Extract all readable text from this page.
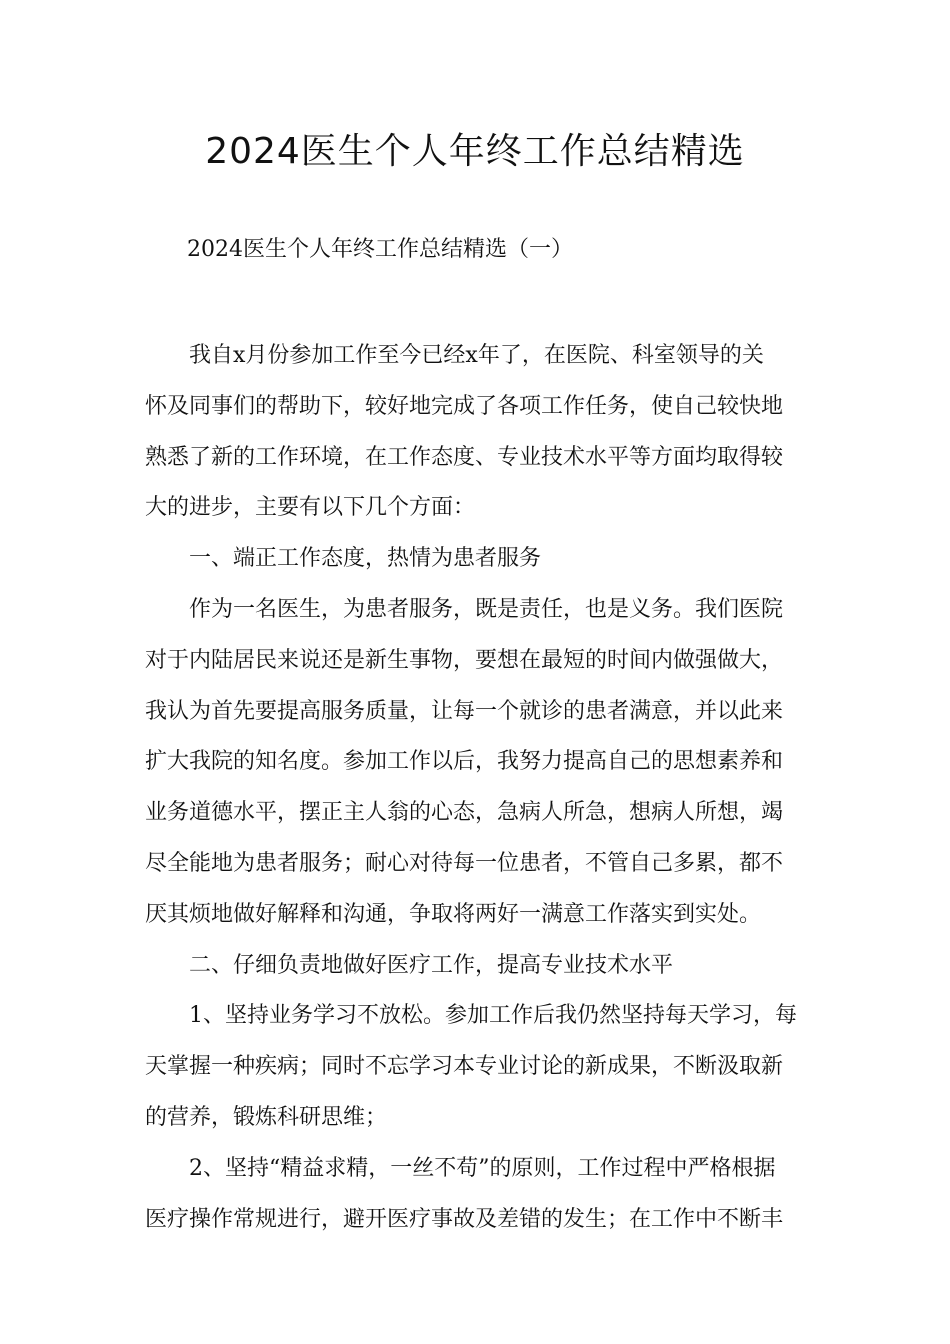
2024医生个人年终工作总结精选

2024医生个人年终工作总结精选（一）

我自x月份参加工作至今已经x年了，在医院、科室领导的关
怀及同事们的帮助下，较好地完成了各项工作任务，使自己较快地
熟悉了新的工作环境，在工作态度、专业技术水平等方面均取得较
大的进步，主要有以下几个方面：

一、端正工作态度，热情为患者服务

作为一名医生，为患者服务，既是责任，也是义务。我们医院
对于内陆居民来说还是新生事物，要想在最短的时间内做强做大，
我认为首先要提高服务质量，让每一个就诊的患者满意，并以此来
扩大我院的知名度。参加工作以后，我努力提高自己的思想素养和
业务道德水平，摆正主人翁的心态，急病人所急，想病人所想，竭
尽全能地为患者服务；耐心对待每一位患者，不管自己多累，都不
厌其烦地做好解释和沟通，争取将两好一满意工作落实到实处。

二、仔细负责地做好医疗工作，提高专业技术水平

1、坚持业务学习不放松。参加工作后我仍然坚持每天学习，每
天掌握一种疾病；同时不忘学习本专业讨论的新成果，不断汲取新
的营养，锻炼科研思维；

2、坚持“精益求精，一丝不苟”的原则，工作过程中严格根据
医疗操作常规进行，避开医疗事故及差错的发生；在工作中不断丰
